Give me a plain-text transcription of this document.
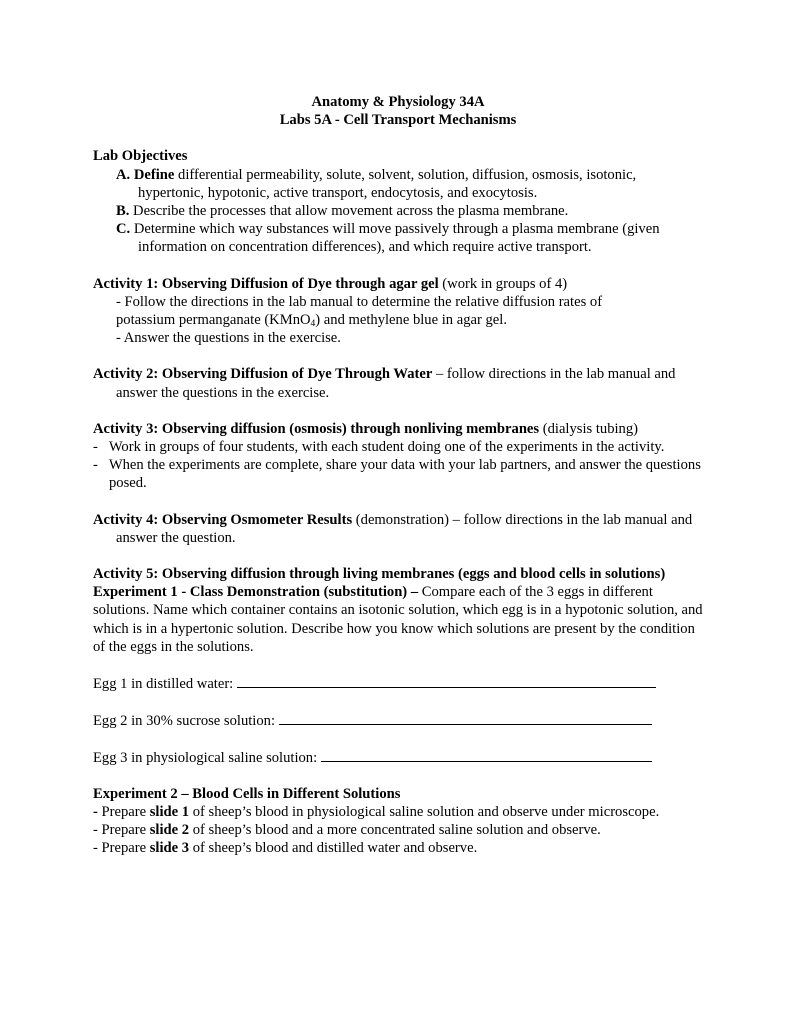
Anatomy & Physiology 34A
Labs 5A - Cell Transport Mechanisms
Lab Objectives
A. Define differential permeability, solute, solvent, solution, diffusion, osmosis, isotonic, hypertonic, hypotonic, active transport, endocytosis, and exocytosis.
B. Describe the processes that allow movement across the plasma membrane.
C. Determine which way substances will move passively through a plasma membrane (given information on concentration differences), and which require active transport.
Activity 1: Observing Diffusion of Dye through agar gel (work in groups of 4)
- Follow the directions in the lab manual to determine the relative diffusion rates of
potassium permanganate (KMnO$_4$) and methylene blue in agar gel.
- Answer the questions in the exercise.
Activity 2: Observing Diffusion of Dye Through Water – follow directions in the lab manual and answer the questions in the exercise.
Activity 3: Observing diffusion (osmosis) through nonliving membranes (dialysis tubing)
-   Work in groups of four students, with each student doing one of the experiments in the activity.
-   When the experiments are complete, share your data with your lab partners, and answer the questions posed.
Activity 4: Observing Osmometer Results (demonstration) – follow directions in the lab manual and answer the question.
Activity 5: Observing diffusion through living membranes (eggs and blood cells in solutions)
Experiment 1 - Class Demonstration (substitution) – Compare each of the 3 eggs in different solutions. Name which container contains an isotonic solution, which egg is in a hypotonic solution, and which is in a hypertonic solution. Describe how you know which solutions are present by the condition of the eggs in the solutions.
Egg 1 in distilled water:
Egg 2 in 30% sucrose solution:
Egg 3 in physiological saline solution:
Experiment 2 – Blood Cells in Different Solutions
- Prepare slide 1 of sheep’s blood in physiological saline solution and observe under microscope.
- Prepare slide 2 of sheep’s blood and a more concentrated saline solution and observe.
- Prepare slide 3 of sheep’s blood and distilled water and observe.
